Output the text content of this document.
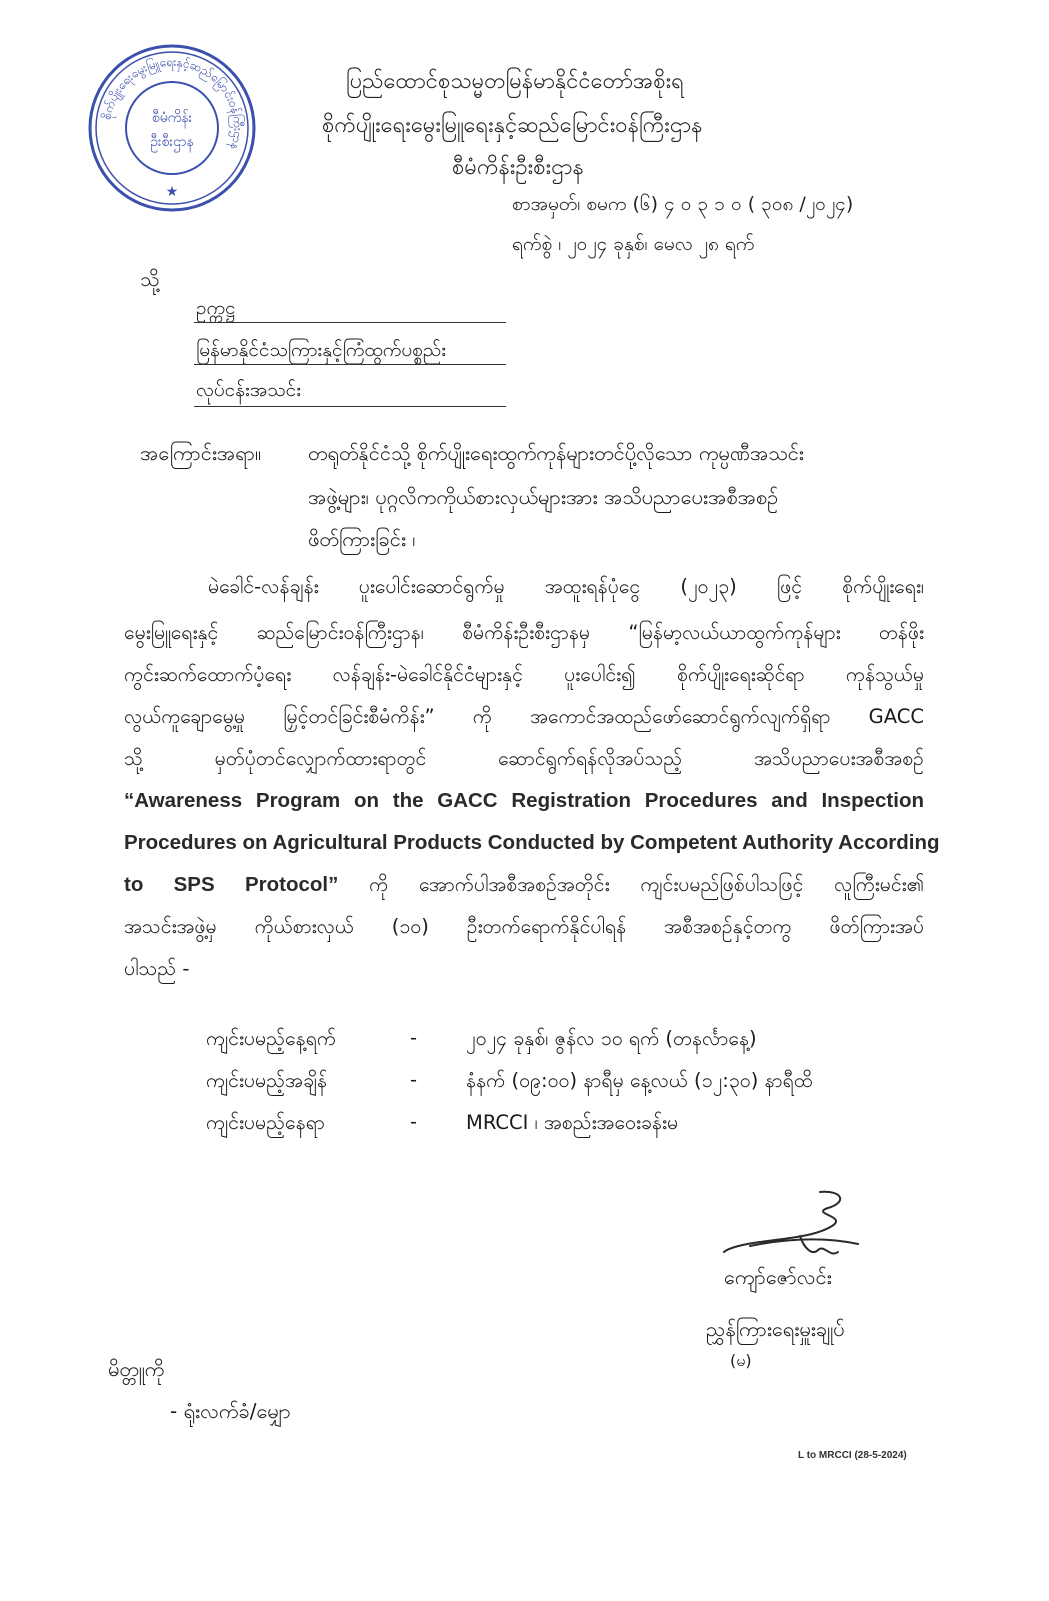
စိုက်ပျိုးရေးမွေးမြူရေးနှင့်ဆည်မြောင်းဝန်ကြီးဌာန
စီမံကိန်း
ဦးစီးဌာန
★
ပြည်ထောင်စုသမ္မတမြန်မာနိုင်ငံတော်အစိုးရ
စိုက်ပျိုးရေးမွေးမြူရေးနှင့်ဆည်မြောင်းဝန်ကြီးဌာန
စီမံကိန်းဦးစီးဌာန
စာအမှတ်၊ စမက (၆) ၄ ၀ ၃ ၁ ၀ ( ၃၀၈ /၂၀၂၄)
ရက်စွဲ ၊ ၂၀၂၄ ခုနှစ်၊ မေလ ၂၈ ရက်
သို့
ဥက္ကဋ္ဌ
မြန်မာနိုင်ငံသကြားနှင့်ကြံထွက်ပစ္စည်း
လုပ်ငန်းအသင်း
အကြောင်းအရာ။ တရုတ်နိုင်ငံသို့ စိုက်ပျိုးရေးထွက်ကုန်များတင်ပို့လိုသော ကုမ္ပဏီအသင်း
အဖွဲ့များ၊ ပုဂ္ဂလိကကိုယ်စားလှယ်များအား အသိပညာပေးအစီအစဉ်
ဖိတ်ကြားခြင်း ၊
မဲခေါင်-လန်ချန်း ပူးပေါင်းဆောင်ရွက်မှု အထူးရန်ပုံငွေ (၂၀၂၃) ဖြင့် စိုက်ပျိုးရေး၊
မွေးမြူရေးနှင့် ဆည်မြောင်းဝန်ကြီးဌာန၊ စီမံကိန်းဦးစီးဌာနမှ “မြန်မာ့လယ်ယာထွက်ကုန်များ တန်ဖိုး
ကွင်းဆက်ထောက်ပံ့ရေး လန်ချန်း-မဲခေါင်နိုင်ငံများနှင့် ပူးပေါင်း၍ စိုက်ပျိုးရေးဆိုင်ရာ ကုန်သွယ်မှု
လွယ်ကူချောမွေ့မှု မြှင့်တင်ခြင်းစီမံကိန်း” ကို အကောင်အထည်ဖော်ဆောင်ရွက်လျက်ရှိရာ GACC
သို့ မှတ်ပုံတင်လျှောက်ထားရာတွင် ဆောင်ရွက်ရန်လိုအပ်သည့် အသိပညာပေးအစီအစဉ်
“Awareness Program on the GACC Registration Procedures and Inspection
Procedures on Agricultural Products Conducted by Competent Authority According
to SPS Protocol” ကို အောက်ပါအစီအစဉ်အတိုင်း ကျင်းပမည်ဖြစ်ပါသဖြင့် လူကြီးမင်း၏
အသင်းအဖွဲ့မှ ကိုယ်စားလှယ် (၁၀) ဦးတက်ရောက်နိုင်ပါရန် အစီအစဉ်နှင့်တကွ ဖိတ်ကြားအပ်
ပါသည် -
ကျင်းပမည့်နေ့ရက်	-	၂၀၂၄ ခုနှစ်၊ ဇွန်လ ၁၀ ရက် (တနင်္လာနေ့)
ကျင်းပမည့်အချိန်	-	နံနက် (၀၉:၀၀) နာရီမှ နေ့လယ် (၁၂:၃၀) နာရီထိ
ကျင်းပမည့်နေရာ	-	MRCCI ၊ အစည်းအဝေးခန်းမ
ကျော်ဇော်လင်း
ညွှန်ကြားရေးမှူးချုပ်
(မ)
မိတ္တူကို
- ရုံးလက်ခံ/မျှော
L to MRCCI (28-5-2024)
